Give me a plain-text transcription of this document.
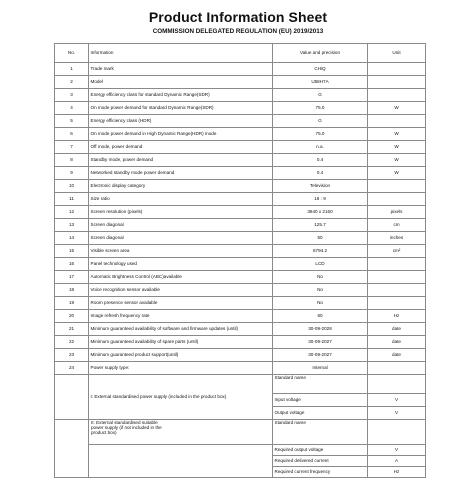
Product Information Sheet
COMMISSION DELEGATED REGULATION (EU) 2019/2013
No.	Information	Value and precision	Unit
1	Trade mark	CHiQ	
2	Model	U58H7A	
3	Energy efficiency class for standard Dynamic Range(SDR)	G	
4	On mode power demand for standard Dynamic Range(SDR)	75.0	W
5	Energy efficiency class (HDR)	G	
6	On mode power demand in High Dynamic Range(HDR) mode	75.0	W
7	Off mode, power demand	n.a.	W
8	Standby mode, power demand	0.4	W
9	Networked standby mode power demand	0.4	W
10	Electronic display category	Television	
11	Size ratio	16 : 9	
12	Screen resolution (pixels)	3840 x 2160	pixels
13	Screen diagonal	125.7	cm
14	Screen diagonal	50	inches
15	Visible screen area	6794.2	cm²
16	Panel technology used	LCD	
17	Automatic Brightness Control (ABC)available	No	
18	Voice recognition sensor available	No	
19	Room presence sensor available	No	
20	Image refresh frequency rate	60	Hz
21	Minimum guaranteed availability of software and firmware updates (until)	30-09-2028	date
22	Minimum guaranteed availability of spare parts (until)	30-09-2027	date
23	Minimum guaranteed product support(until)	30-09-2027	date
24	Power supply type:	Internal	
	I: External standardised power supply (included in the product box)	Standard name	
		Input voltage	V
		Output voltage	V
	II: External standardised suitable power supply (if not included in the product box)	Standard name	
		Required output voltage	V
		Required delivered current	A
		Required current frequency	Hz
